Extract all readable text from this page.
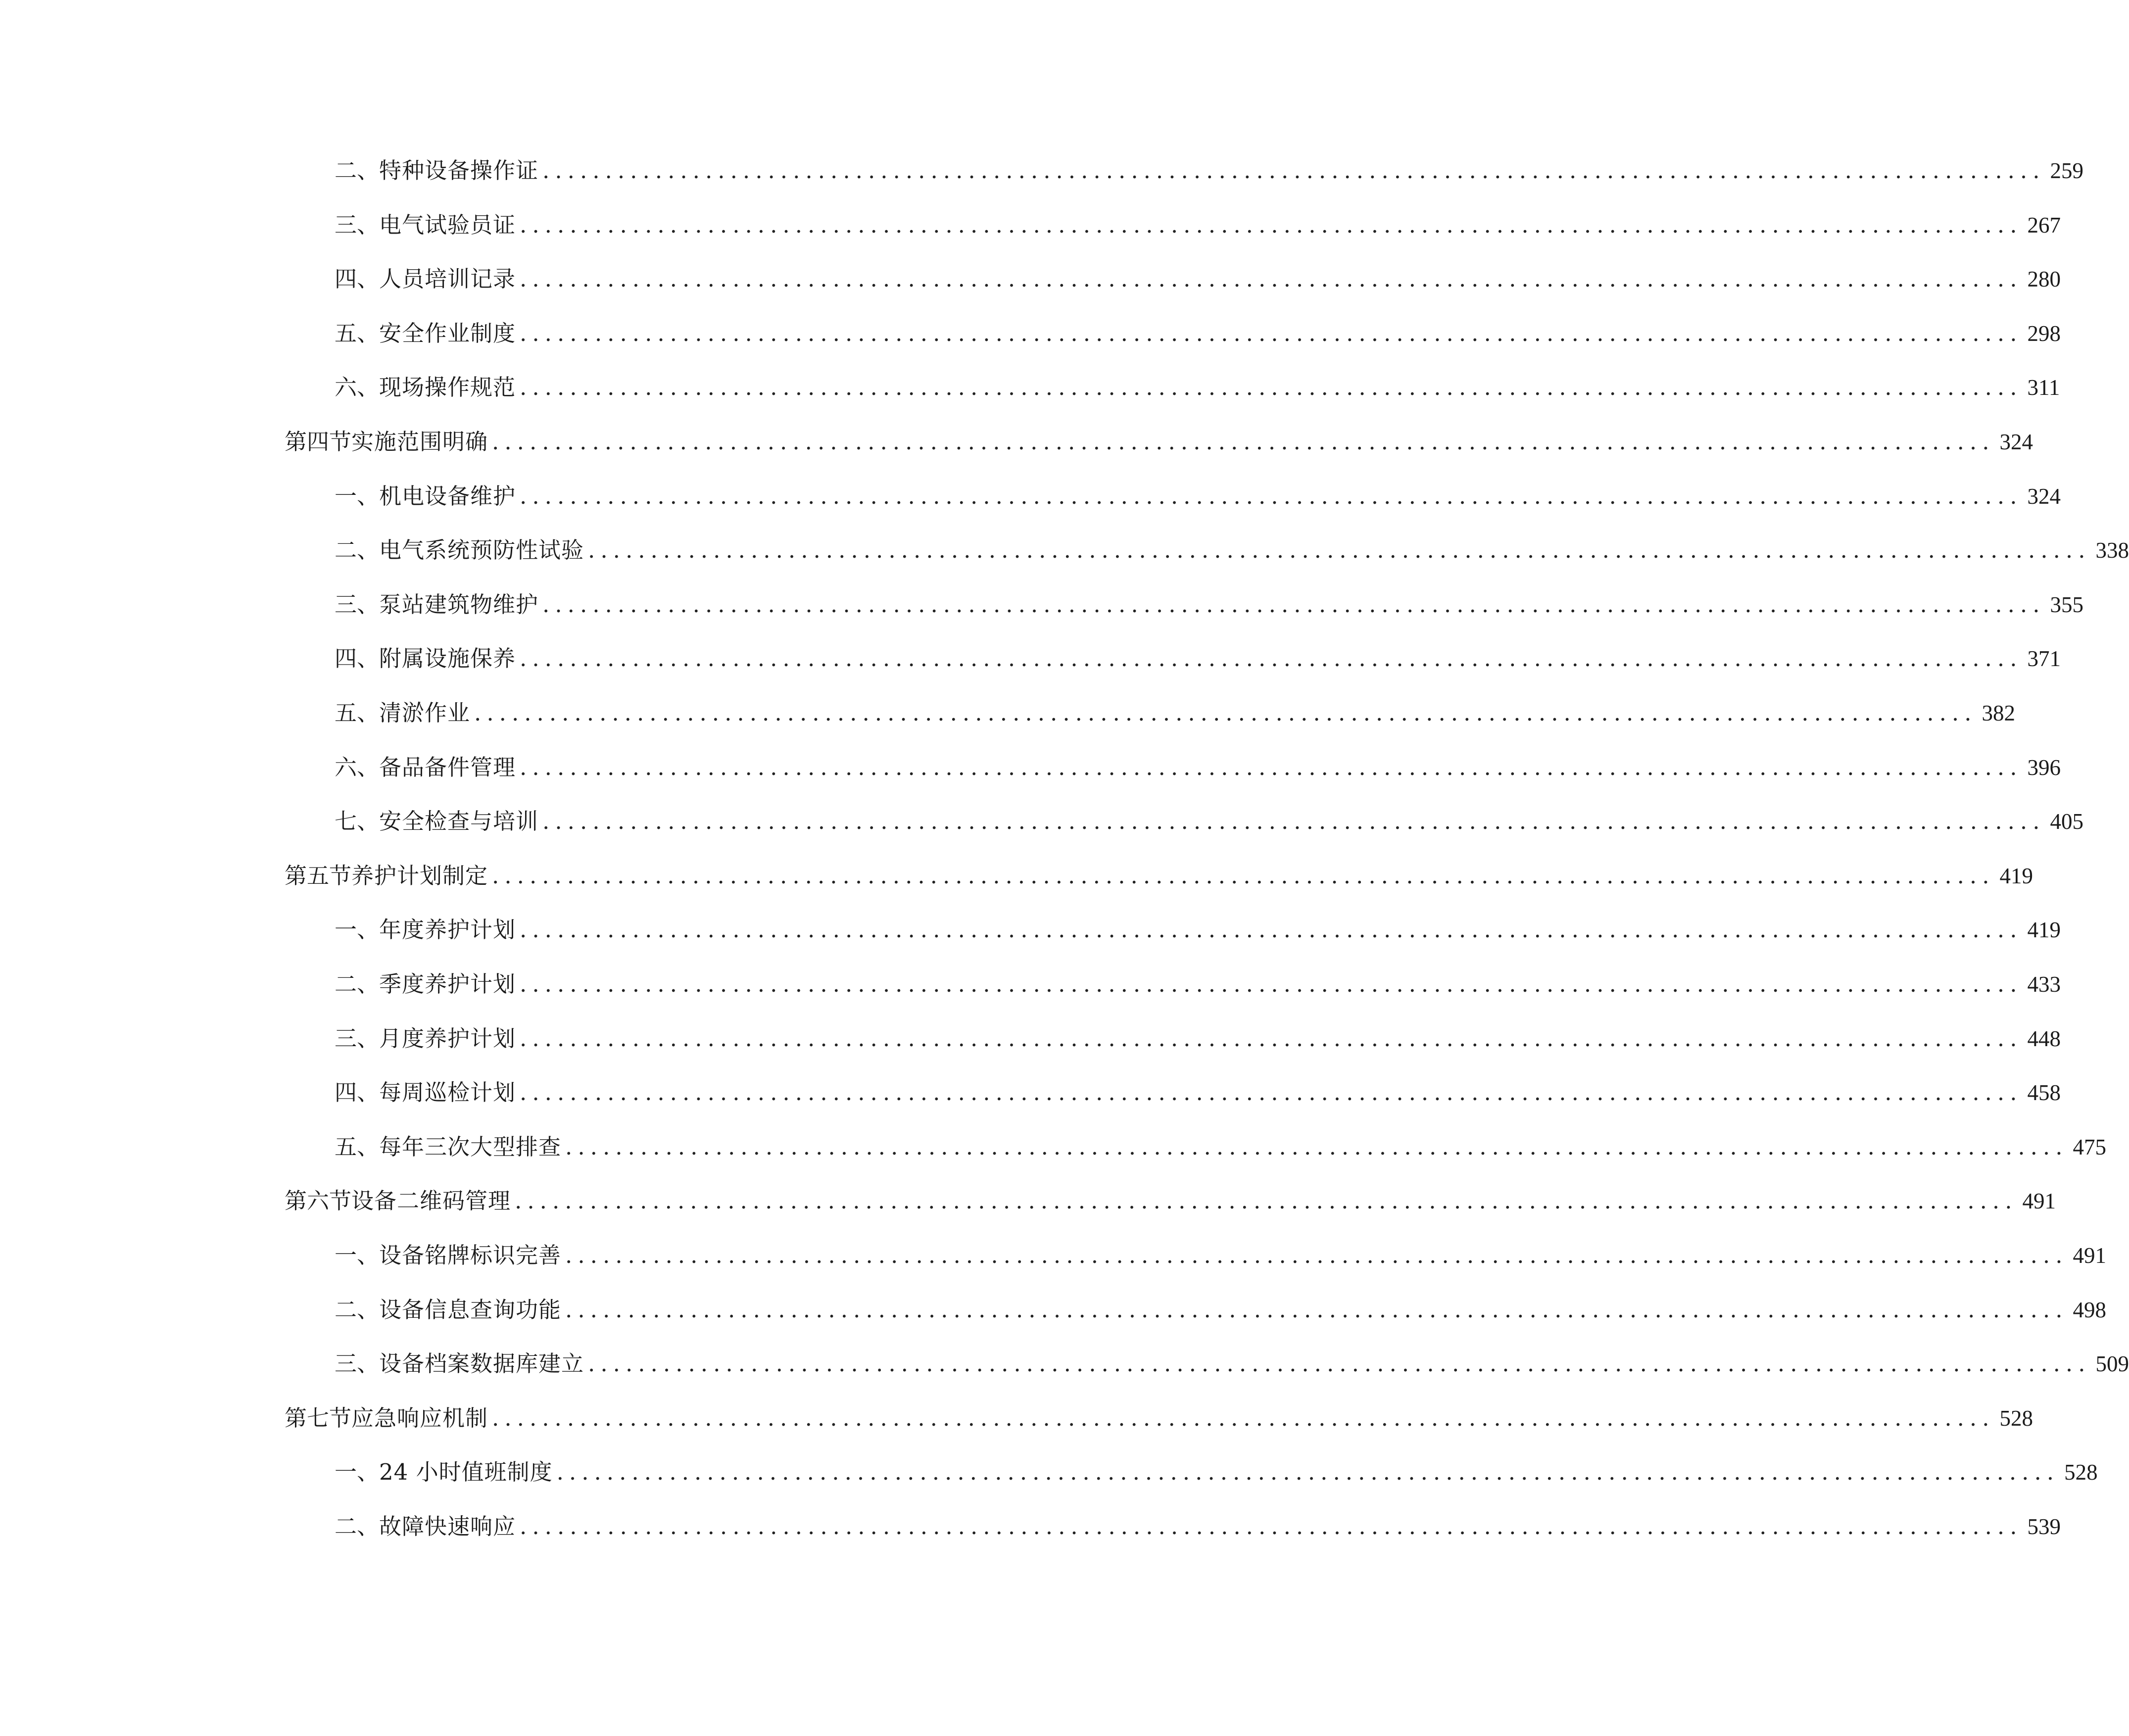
二、 特种设备操作证 ........................................................................................................................ 259
三、 电气试验员证 ........................................................................................................................ 267
四、 人员培训记录 ........................................................................................................................ 280
五、 安全作业制度 ........................................................................................................................ 298
六、 现场操作规范 ........................................................................................................................ 311
第四节 实施范围明确 ........................................................................................................................ 324
一、 机电设备维护 ........................................................................................................................ 324
二、 电气系统预防性试验 ........................................................................................................................ 338
三、 泵站建筑物维护 ........................................................................................................................ 355
四、 附属设施保养 ........................................................................................................................ 371
五、 清淤作业 ........................................................................................................................ 382
六、 备品备件管理 ........................................................................................................................ 396
七、 安全检查与培训 ........................................................................................................................ 405
第五节 养护计划制定 ........................................................................................................................ 419
一、 年度养护计划 ........................................................................................................................ 419
二、 季度养护计划 ........................................................................................................................ 433
三、 月度养护计划 ........................................................................................................................ 448
四、 每周巡检计划 ........................................................................................................................ 458
五、 每年三次大型排查 ........................................................................................................................ 475
第六节 设备二维码管理 ........................................................................................................................ 491
一、 设备铭牌标识完善 ........................................................................................................................ 491
二、 设备信息查询功能 ........................................................................................................................ 498
三、 设备档案数据库建立 ........................................................................................................................ 509
第七节 应急响应机制 ........................................................................................................................ 528
一、 24 小时值班制度 ........................................................................................................................ 528
二、 故障快速响应 ........................................................................................................................ 539
